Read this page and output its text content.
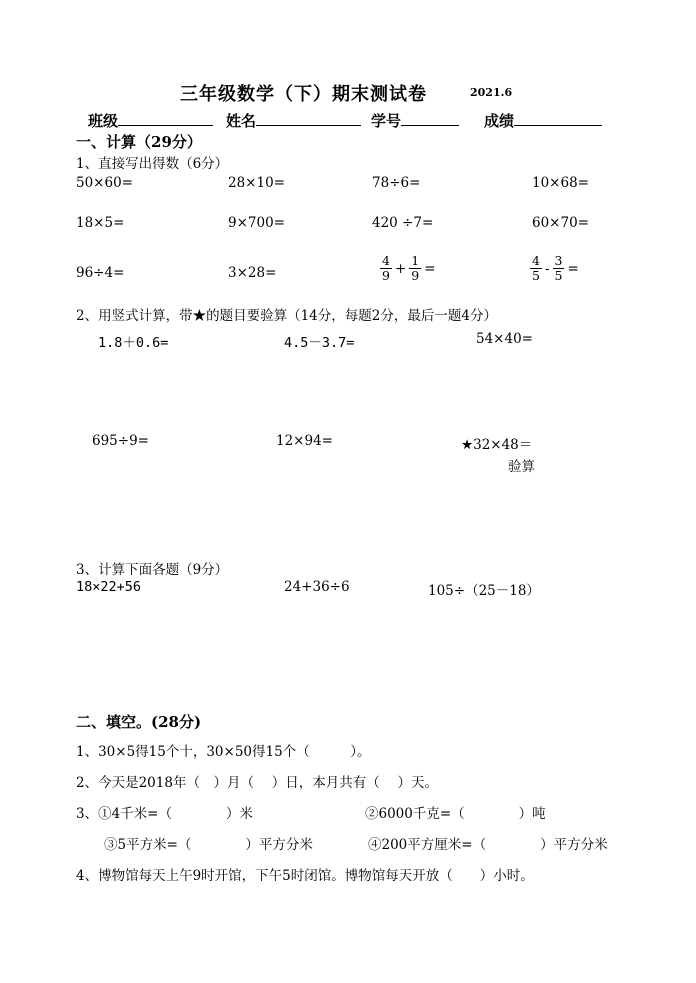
三年级数学（下）期末测试卷	2021.6
班级	姓名	学号	成绩
一、计算（29分）
1、直接写出得数（6分）
50×60=	28×10=	78÷6=	10×68=
18×5=	9×700=	420 ÷7=	60×70=
96÷4=	3×28=	$\frac{4}{9} + \frac{1}{9}$ =	$\frac{4}{5} - \frac{3}{5}$ =
2、用竖式计算，带★的题目要验算（14分，每题2分，最后一题4分）
1.8＋0.6=	4.5－3.7=	54×40=
695÷9=	12×94=	★32×48＝
验算
3、计算下面各题（9分）
18×22+56	24+36÷6	105÷（25－18）
二、填空。(28分)
1、30×5得15个十，30×50得15个（　　　）。
2、今天是2018年（　）月（　 ）日，本月共有（　 ）天。
3、①4千米=（　　　　）米	②6000千克=（　　　　）吨
③5平方米=（　　　　）平方分米	④200平方厘米=（　　　　）平方分米
4、博物馆每天上午9时开馆，下午5时闭馆。博物馆每天开放（　　）小时。
